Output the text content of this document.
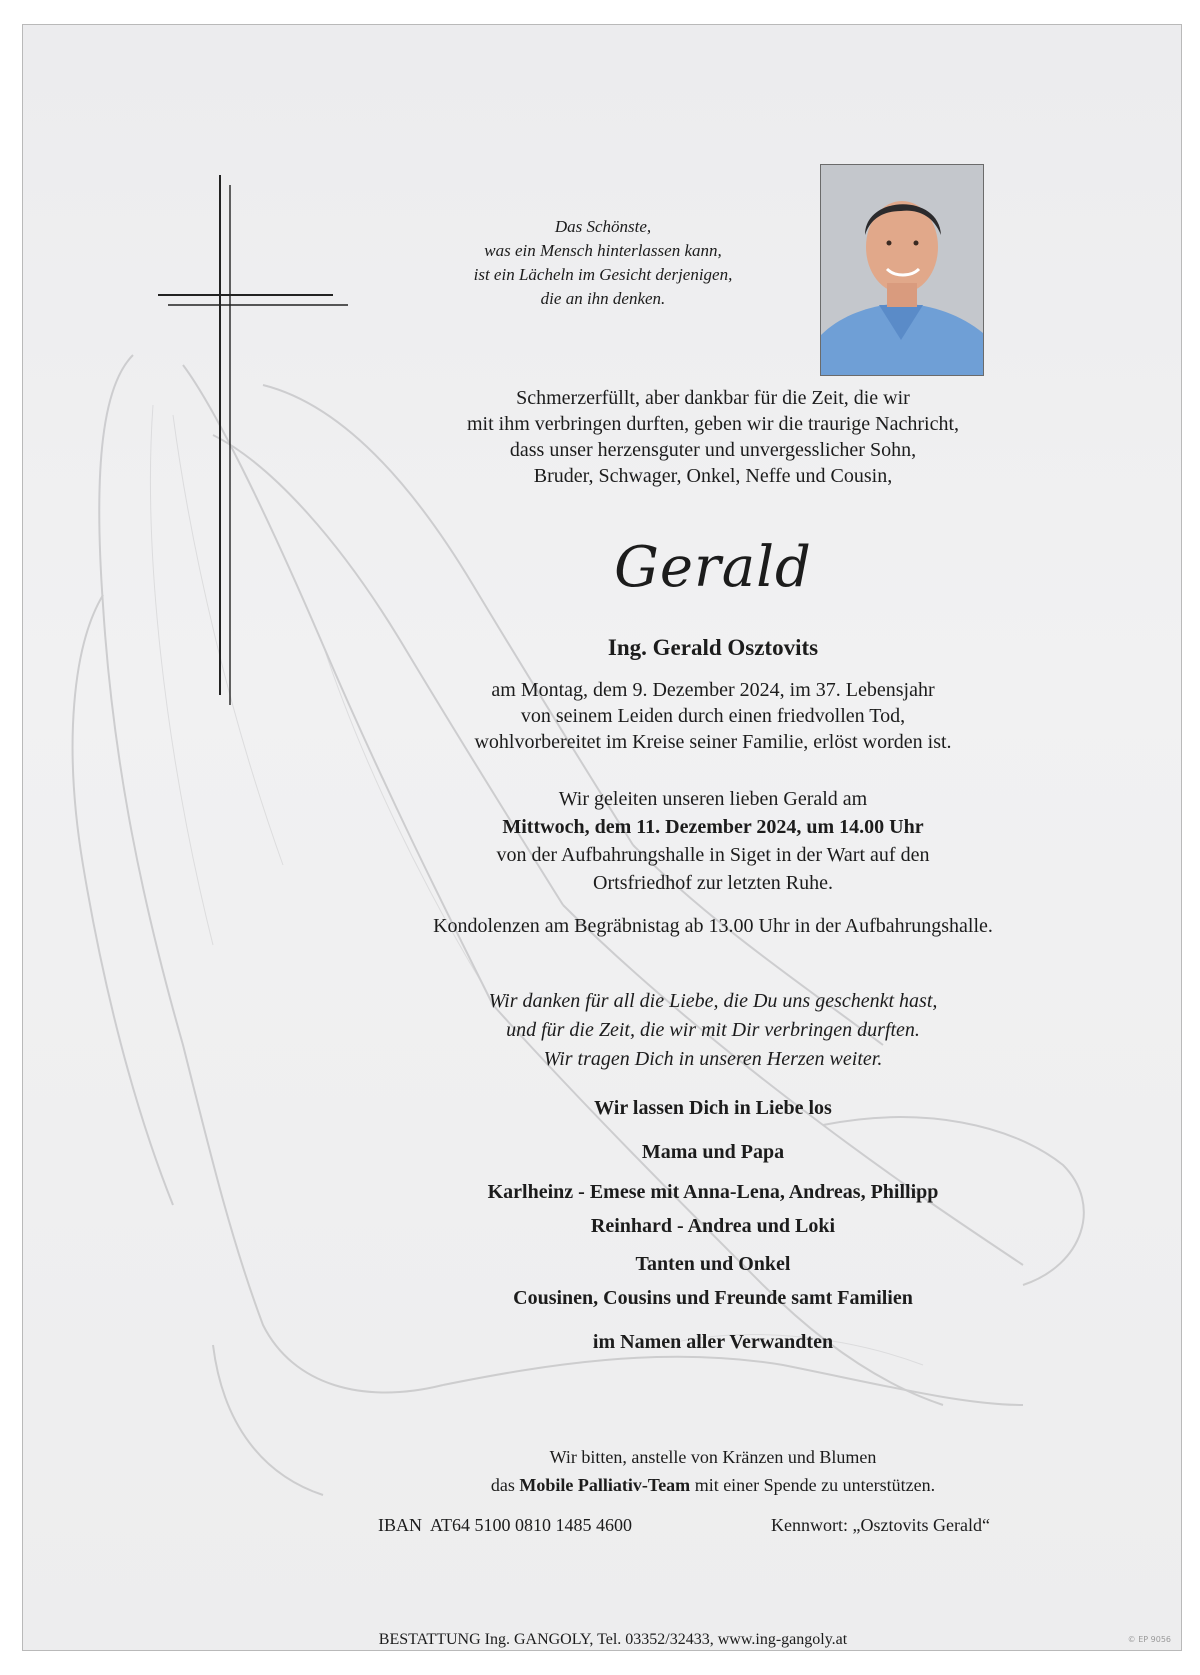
Das Schönste,
was ein Mensch hinterlassen kann,
ist ein Lächeln im Gesicht derjenigen,
die an ihn denken.
Schmerzerfüllt, aber dankbar für die Zeit, die wir
mit ihm verbringen durften, geben wir die traurige Nachricht,
dass unser herzensguter und unvergesslicher Sohn,
Bruder, Schwager, Onkel, Neffe und Cousin,
Gerald
Ing. Gerald Osztovits
am Montag, dem 9. Dezember 2024, im 37. Lebensjahr
von seinem Leiden durch einen friedvollen Tod,
wohlvorbereitet im Kreise seiner Familie, erlöst worden ist.
Wir geleiten unseren lieben Gerald am
Mittwoch, dem 11. Dezember 2024, um 14.00 Uhr
von der Aufbahrungshalle in Siget in der Wart auf den
Ortsfriedhof zur letzten Ruhe.
Kondolenzen am Begräbnistag ab 13.00 Uhr in der Aufbahrungshalle.
Wir danken für all die Liebe, die Du uns geschenkt hast,
und für die Zeit, die wir mit Dir verbringen durften.
Wir tragen Dich in unseren Herzen weiter.
Wir lassen Dich in Liebe los
Mama und Papa
Karlheinz - Emese mit Anna-Lena, Andreas, Phillipp
Reinhard - Andrea und Loki
Tanten und Onkel
Cousinen, Cousins und Freunde samt Familien
im Namen aller Verwandten
Wir bitten, anstelle von Kränzen und Blumen
das Mobile Palliativ-Team mit einer Spende zu unterstützen.
IBAN  AT64 5100 0810 1485 4600	Kennwort: „Osztovits Gerald“
BESTATTUNG Ing. GANGOLY, Tel. 03352/32433, www.ing-gangoly.at	© EP 9056
